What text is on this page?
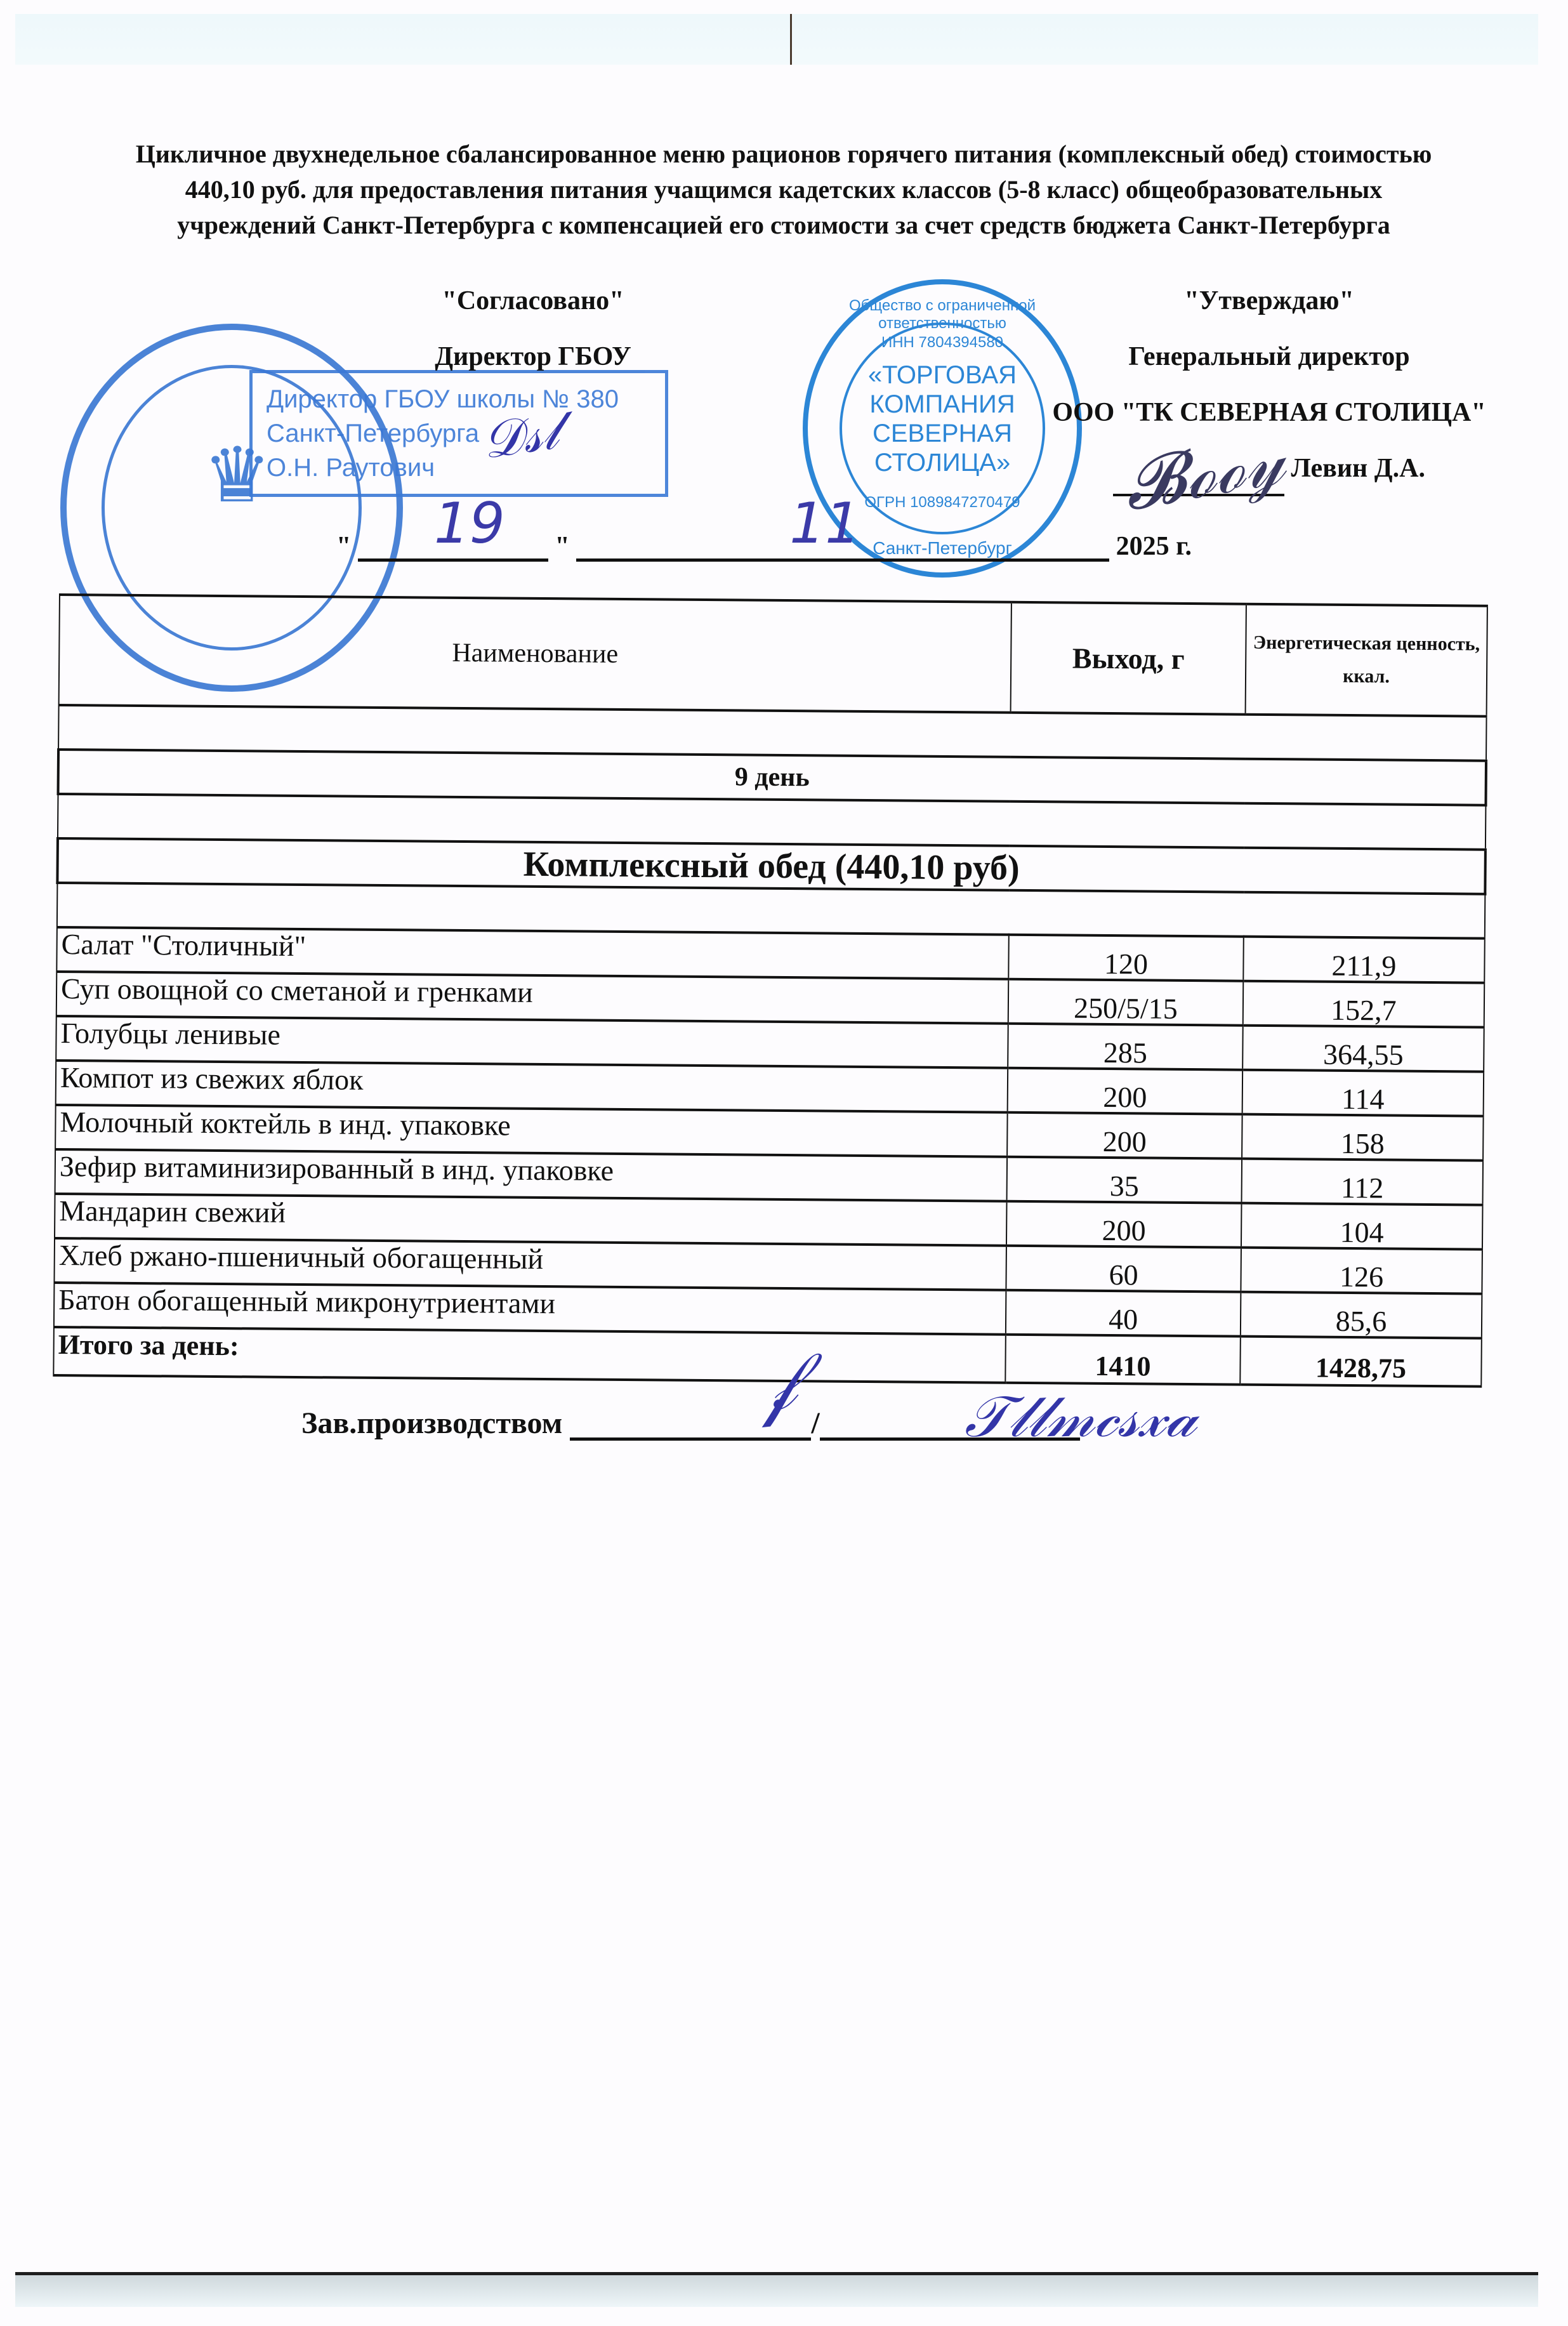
Цикличное двухнедельное сбалансированное меню рационов горячего питания (комплексный обед) стоимостью
440,10 руб. для предоставления питания учащимся кадетских классов (5-8 класс) общеобразовательных
учреждений Санкт-Петербурга с компенсацией его стоимости за счет средств бюджета Санкт-Петербурга
♛
Директор ГБОУ школы № 380
Санкт-Петербурга
О.Н. Раутович
"Согласовано"
Директор ГБОУ
𝒟𝓈𝓁
Общество с ограниченной ответственностью
ИНН 7804394580
«ТОРГОВАЯ
КОМПАНИЯ
СЕВЕРНАЯ
СТОЛИЦА»
ОГРН 1089847270479
Санкт-Петербург
"Утверждаю"
Генеральный директор
ООО "ТК СЕВЕРНАЯ СТОЛИЦА"
Левин Д.А.
𝓑ℴℴ𝓎
" 19 "	11	2025 г.
Наименование	Выход, г	Энергетическая ценность, ккал.

9 день		

Комплексный обед (440,10 руб)		

Салат "Столичный"	120	211,9
Суп овощной со сметаной и гренками	250/5/15	152,7
Голубцы ленивые	285	364,55
Компот из свежих яблок	200	114
Молочный коктейль в инд. упаковке	200	158
Зефир витаминизированный в инд. упаковке	35	112
Мандарин свежий	200	104
Хлеб ржано-пшеничный обогащенный	60	126
Батон обогащенный микронутриентами	40	85,6
Итого за день:	1410	1428,75
Зав.производством	/
𝒻	𝒯𝓁𝓁𝓂𝒸𝓈𝓍𝒶
